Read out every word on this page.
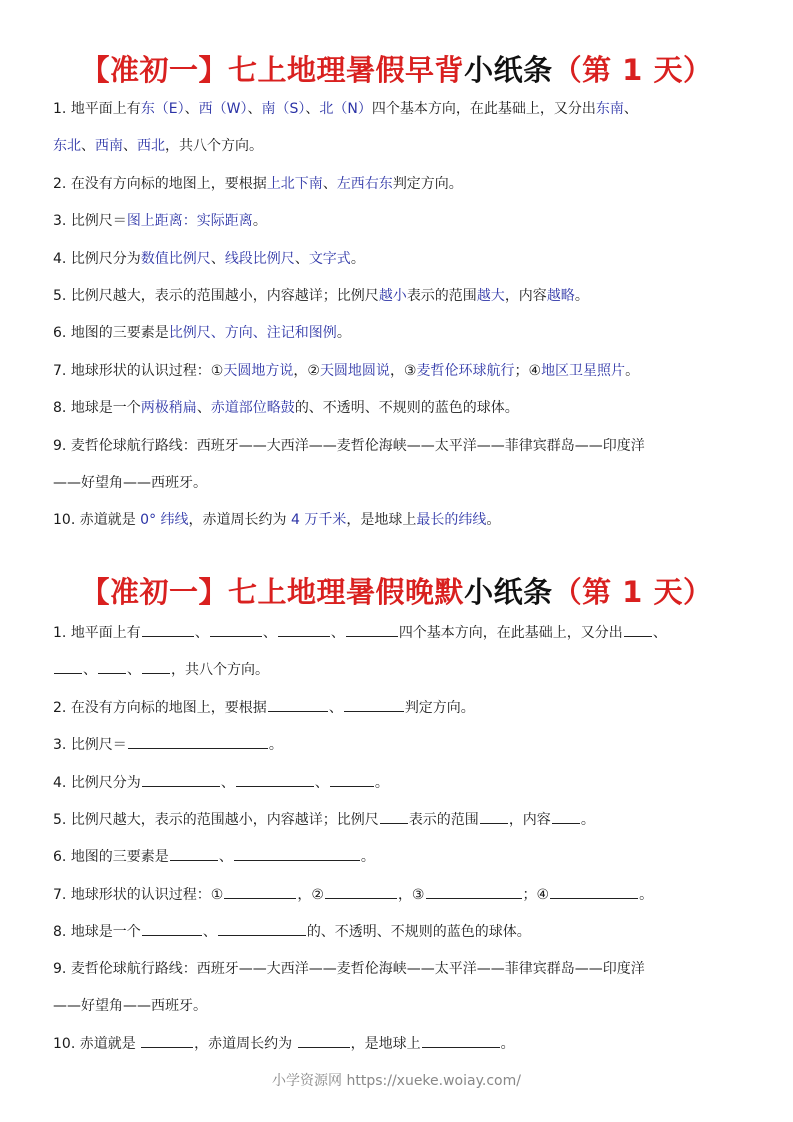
【准初一】七上地理暑假早背小纸条（第 1 天）
1. 地平面上有东（E）、西（W）、南（S）、北（N）四个基本方向，在此基础上，又分出东南、
东北、西南、西北，共八个方向。
2. 在没有方向标的地图上，要根据上北下南、左西右东判定方向。
3. 比例尺＝图上距离：实际距离。
4. 比例尺分为数值比例尺、线段比例尺、文字式。
5. 比例尺越大，表示的范围越小，内容越详；比例尺越小表示的范围越大，内容越略。
6. 地图的三要素是比例尺、方向、注记和图例。
7. 地球形状的认识过程：①天圆地方说，②天圆地圆说，③麦哲伦环球航行；④地区卫星照片。
8. 地球是一个两极稍扁、赤道部位略鼓的、不透明、不规则的蓝色的球体。
9. 麦哲伦球航行路线：西班牙——大西洋——麦哲伦海峡——太平洋——菲律宾群岛——印度洋
——好望角——西班牙。
10. 赤道就是 0° 纬线，赤道周长约为 4 万千米，是地球上最长的纬线。
【准初一】七上地理暑假晚默小纸条（第 1 天）
1. 地平面上有	、	、	、	四个基本方向，在此基础上，又分出 、
、 、 ，共八个方向。
2. 在没有方向标的地图上，要根据	、	判定方向。
3. 比例尺＝	。
4. 比例尺分为	、	、	。
5. 比例尺越大，表示的范围越小，内容越详；比例尺 表示的范围 ，内容 。
6. 地图的三要素是	、	。
7. 地球形状的认识过程：①	，②	，③	；④	。
8. 地球是一个	、	的、不透明、不规则的蓝色的球体。
9. 麦哲伦球航行路线：西班牙——大西洋——麦哲伦海峡——太平洋——菲律宾群岛——印度洋
——好望角——西班牙。
10. 赤道就是	，赤道周长约为	，是地球上	。
小学资源网 https://xueke.woiay.com/
